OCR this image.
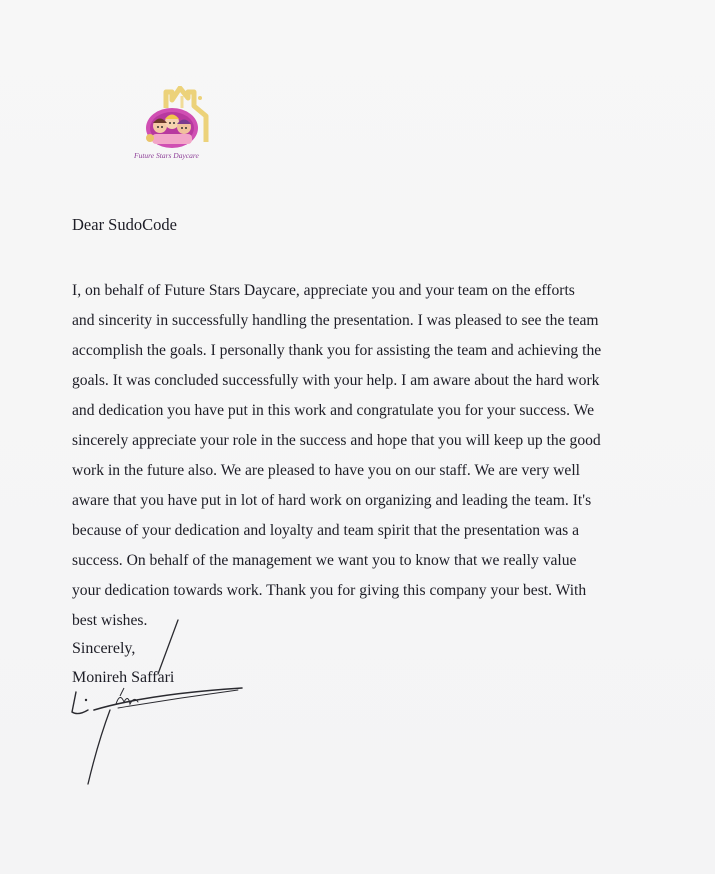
Future Stars Daycare
Dear SudoCode

I, on behalf of Future Stars Daycare, appreciate you and your team on the efforts
and sincerity in successfully handling the presentation. I was pleased to see the team
accomplish the goals. I personally thank you for assisting the team and achieving the
goals. It was concluded successfully with your help. I am aware about the hard work
and dedication you have put in this work and congratulate you for your success. We
sincerely appreciate your role in the success and hope that you will keep up the good
work in the future also. We are pleased to have you on our staff. We are very well
aware that you have put in lot of hard work on organizing and leading the team. It's
because of your dedication and loyalty and team spirit that the presentation was a
success. On behalf of the management we want you to know that we really value
your dedication towards work. Thank you for giving this company your best. With
best wishes.

Sincerely,
Monireh Saffari
